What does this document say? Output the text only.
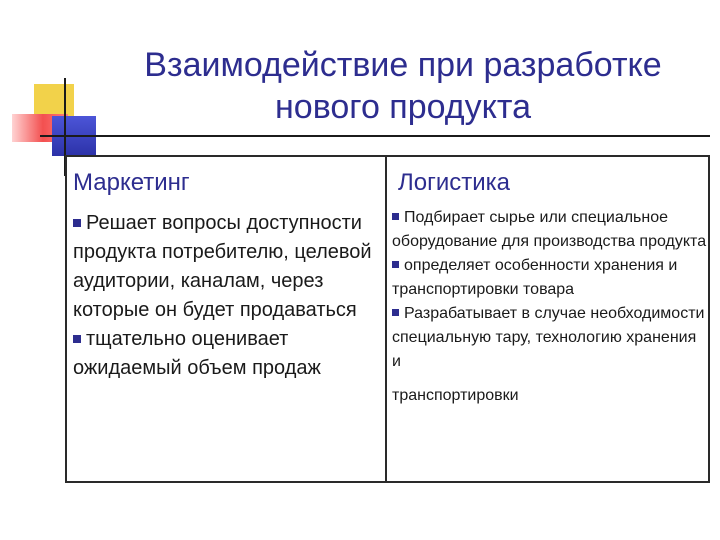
Взаимодействие при разработке
нового продукта
Маркетинг

Решает вопросы доступности продукта потребителю, целевой аудитории, каналам, через которые он будет продаваться

тщательно оценивает ожидаемый объем продаж

Логистика

Подбирает сырье или специальное оборудование для производства продукта

определяет особенности хранения и транспортировки товара

Разрабатывает в случае необходимости специальную тару, технологию хранения и

транспортировки
